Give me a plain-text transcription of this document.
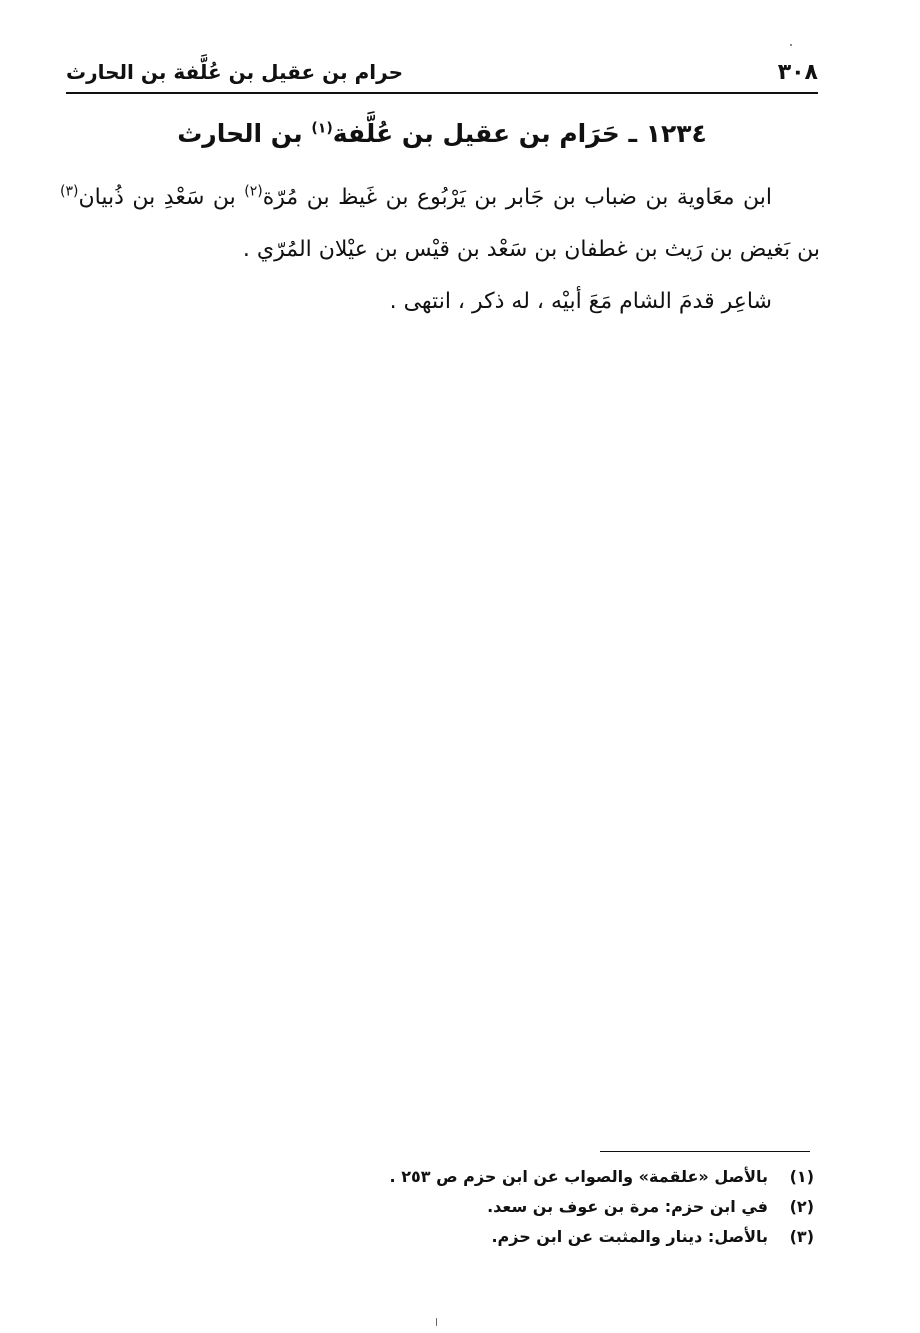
٣٠٨
حرام بن عقيل بن عُلَّفة بن الحارث
١٢٣٤ ـ حَرَام بن عقيل بن عُلَّفة$^{(١)}$ بن الحارث

ابن معَاوية بن ضباب بن جَابر بن يَرْبُوع بن غَيظ بن مُرّة$^{(٢)}$ بن سَعْدِ بن ذُبيان$^{(٣)}$ بن بَغيض بن رَيث بن غطفان بن سَعْد بن قيْس بن عيْلان المُرّي .

شاعِر قدمَ الشام مَعَ أبيْه ، له ذكر ، انتهى .

(١)
بالأصل «علقمة» والصواب عن ابن حزم ص ٢٥٣ .
(٢)
في ابن حزم: مرة بن عوف بن سعد.
(٣)
بالأصل: دينار والمثبت عن ابن حزم.
